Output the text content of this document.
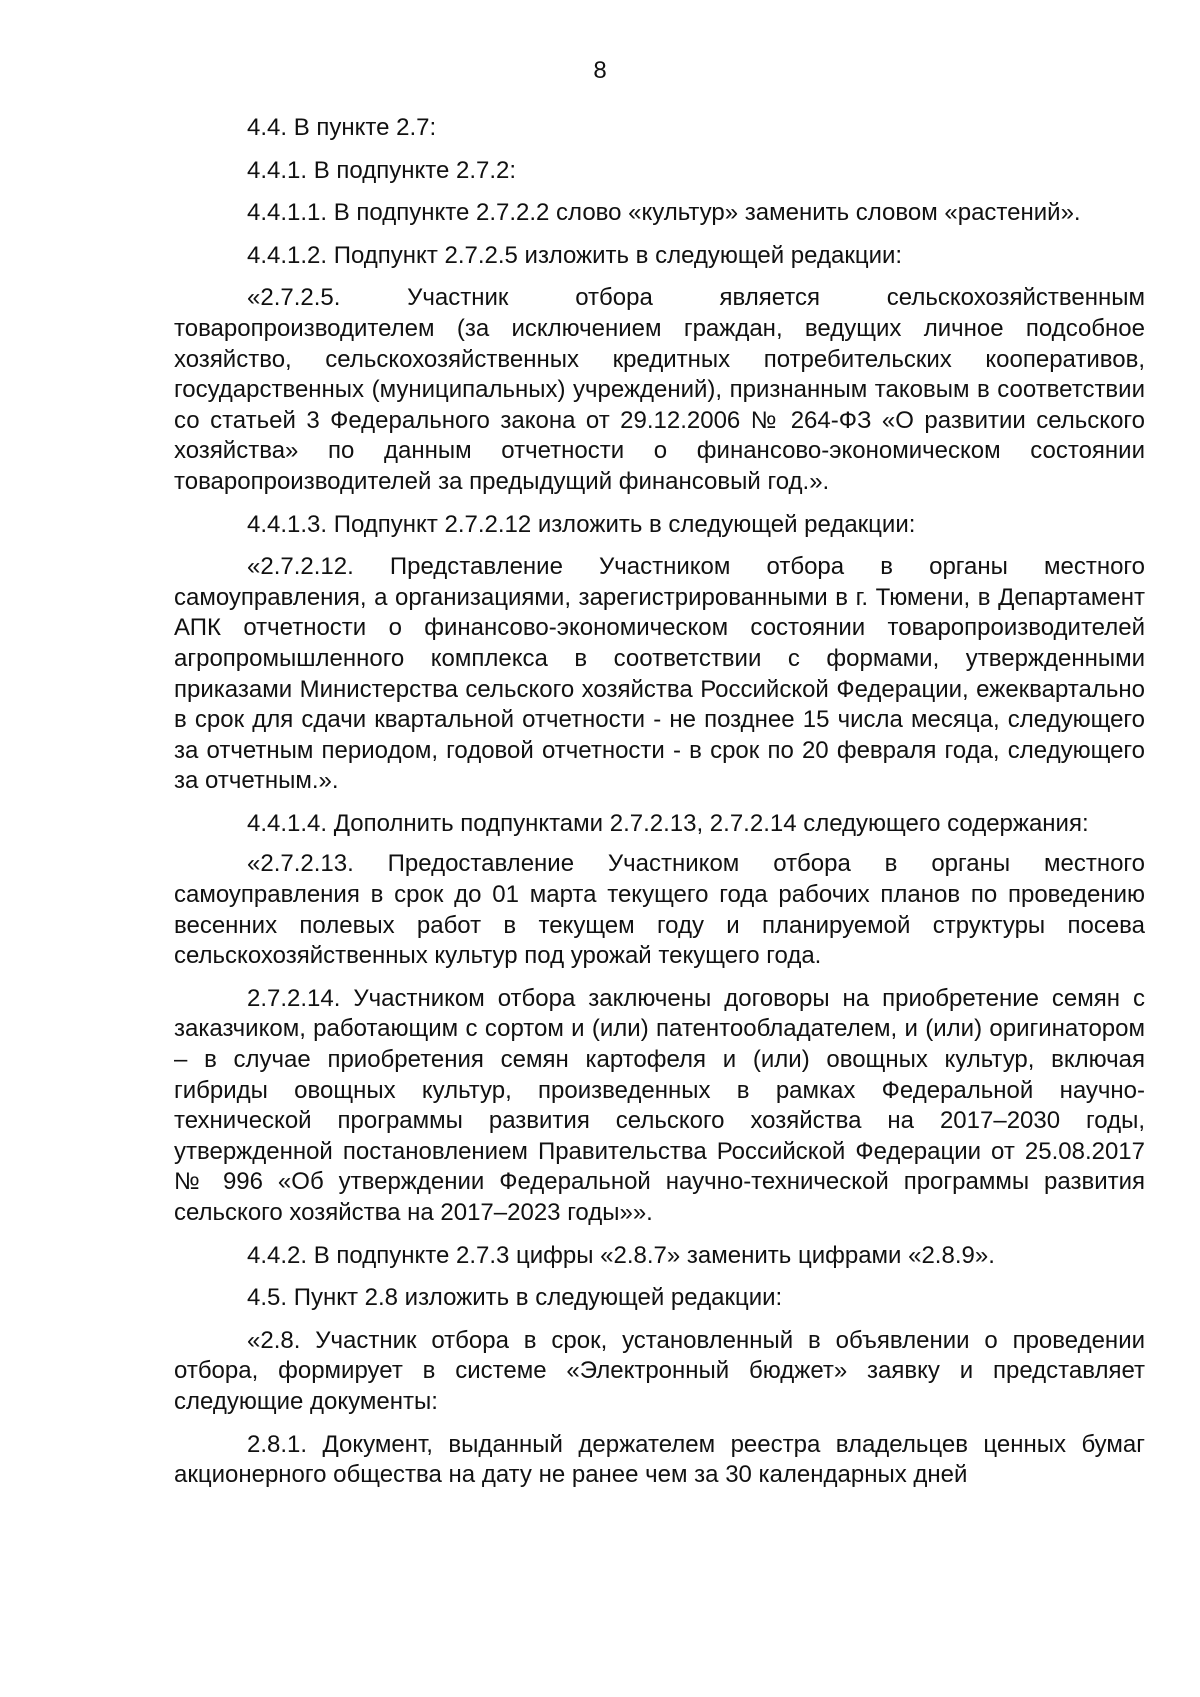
8

4.4. В пункте 2.7:

4.4.1. В подпункте 2.7.2:

4.4.1.1. В подпункте 2.7.2.2 слово «культур» заменить словом «растений».

4.4.1.2. Подпункт 2.7.2.5 изложить в следующей редакции:

«2.7.2.5. Участник отбора является сельскохозяйственным товаропроизводителем (за исключением граждан, ведущих личное подсобное хозяйство, сельскохозяйственных кредитных потребительских кооперативов, государственных (муниципальных) учреждений), признанным таковым в соответствии со статьей 3 Федерального закона от 29.12.2006 № 264-ФЗ «О развитии сельского хозяйства» по данным отчетности о финансово-экономическом состоянии товаропроизводителей за предыдущий финансовый год.».

4.4.1.3. Подпункт 2.7.2.12 изложить в следующей редакции:

«2.7.2.12. Представление Участником отбора в органы местного самоуправления, а организациями, зарегистрированными в г. Тюмени, в Департамент АПК отчетности о финансово-экономическом состоянии товаропроизводителей агропромышленного комплекса в соответствии с формами, утвержденными приказами Министерства сельского хозяйства Российской Федерации, ежеквартально в срок для сдачи квартальной отчетности - не позднее 15 числа месяца, следующего за отчетным периодом, годовой отчетности - в срок по 20 февраля года, следующего за отчетным.».

4.4.1.4. Дополнить подпунктами 2.7.2.13, 2.7.2.14 следующего содержания:

«2.7.2.13. Предоставление Участником отбора в органы местного самоуправления в срок до 01 марта текущего года рабочих планов по проведению весенних полевых работ в текущем году и планируемой структуры посева сельскохозяйственных культур под урожай текущего года.

2.7.2.14. Участником отбора заключены договоры на приобретение семян с заказчиком, работающим с сортом и (или) патентообладателем, и (или) оригинатором – в случае приобретения семян картофеля и (или) овощных культур, включая гибриды овощных культур, произведенных в рамках Федеральной научно-технической программы развития сельского хозяйства на 2017–2030 годы, утвержденной постановлением Правительства Российской Федерации от 25.08.2017 № 996 «Об утверждении Федеральной научно-технической программы развития сельского хозяйства на 2017–2023 годы»».

4.4.2. В подпункте 2.7.3 цифры «2.8.7» заменить цифрами «2.8.9».

4.5. Пункт 2.8 изложить в следующей редакции:

«2.8. Участник отбора в срок, установленный в объявлении о проведении отбора, формирует в системе «Электронный бюджет» заявку и представляет следующие документы:

2.8.1. Документ, выданный держателем реестра владельцев ценных бумаг акционерного общества на дату не ранее чем за 30 календарных дней
